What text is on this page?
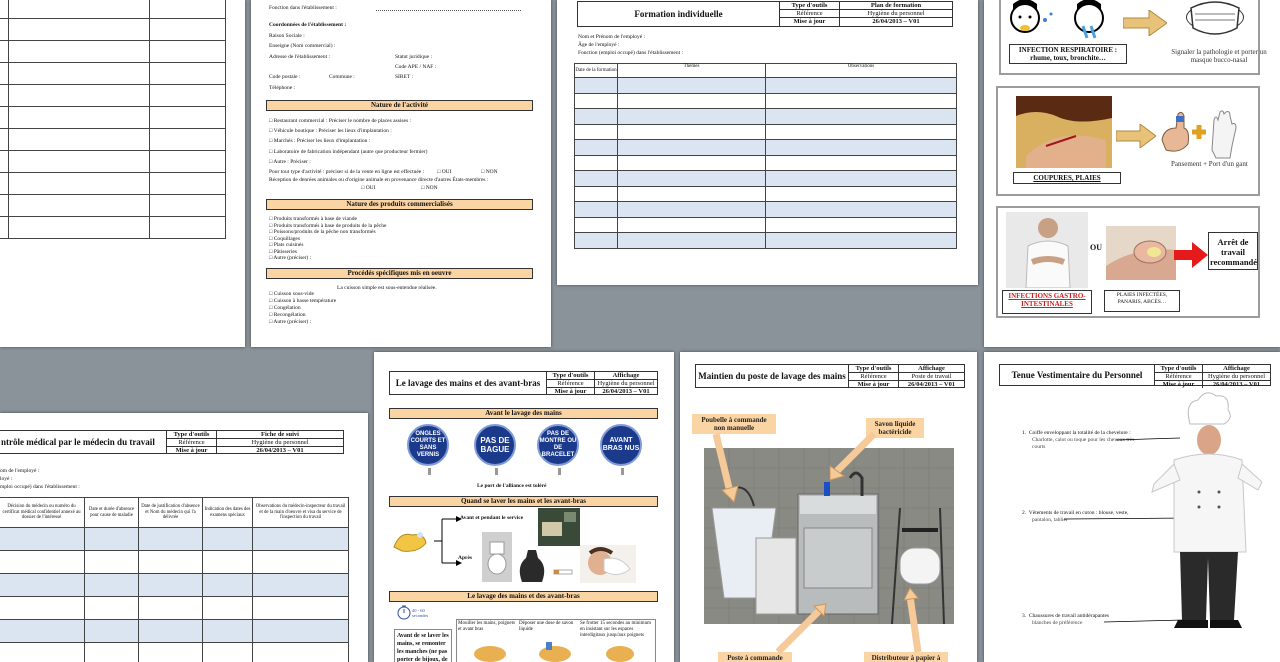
Fonction dans l'établissement :
Coordonnées de l'établissement :
Raison Sociale :
Enseigne (Nom commercial) :
Adresse de l'établissement :	Statut juridique :
Code APE / NAF :
Code postale :	Commune :	SIRET :
Téléphone :
Nature de l'activité
□ Restaurant commercial : Préciser le nombre de places assises :
□ Véhicule boutique : Préciser les lieux d'implantation :
□ Marchés : Préciser les lieux d'implantation :
□ Laboratoire de fabrication indépendant (autre que producteur fermier)
□ Autre : Préciser :
Pour tout type d'activité : préciser si de la vente en ligne est effectuée : □ OUI	□ NON
Réception de denrées animales ou d'origine animale en provenance directe d'autres États-membres :
□ OUI	□ NON
Nature des produits commercialisés
□ Produits transformés à base de viande
□ Produits transformés à base de produits de la pêche
□ Poissons/produits de la pêche non transformés
□ Coquillages
□ Plats cuisinés
□ Pâtisseries
□ Autre (préciser) :
Procédés spécifiques mis en oeuvre
La cuisson simple est sous-entendue réalisée.
□ Cuisson sous-vide
□ Cuisson à basse température
□ Congélation
□ Recongélation
□ Autre (préciser) :
Formation individuelle
Type d'outils	Plan de formation
Référence	Hygiène du personnel
Mise à jour	26/04/2013 – V01
Nom et Prénom de l'employé :
Âge de l'employé :
Fonction (emploi occupé) dans l'établissement :
Date de la formation	Thèmes	Observations

INFECTION RESPIRATOIRE : rhume, toux, bronchite…
Signaler la pathologie et porter un masque bucco-nasal
COUPURES, PLAIES
Pansement + Port d'un gant
OU
Arrêt de travail recommandé
INFECTIONS GASTRO-INTESTINALES
PLAIES INFECTÉES, PANARIS, ABCÈS…
ntrôle médical par le médecin du travail
Type d'outils	Fiche de suivi
Référence	Hygiène du personnel
Mise à jour	26/04/2013 – V01
om de l'employé :
loyé :
mploi occupé) dans l'établissement :
Décision du médecin ou numéro du certificat médical confidentiel annexé au dossier de l'intéressé	Date et durée d'absence pour cause de maladie	Date de justification d'absence et Nom du médecin qui l'a délivrée	Indication des dates des examens spéciaux	Observations du médecin-inspecteur du travail et de la main d'oeuvre et visa du service de l'inspection du travail

Le lavage des mains et des avant-bras
Type d'outils	Affichage
Référence	Hygiène du personnel
Mise à jour	26/04/2013 – V01
Avant le lavage des mains
ONGLES COURTS ET SANS VERNIS
PAS DE BAGUE
PAS DE MONTRE OU DE BRACELET
AVANT BRAS NUS
Le port de l'alliance est toléré
Quand se laver les mains et les avant-bras
Avant et pendant le service
Après
Le lavage des mains et des avant-bras
40 - 60 secondes
Avant de se laver les mains, se remonter les manches (ne pas porter de bijoux, de
Mouiller les mains, poignets et avant bras
Déposer une dose de savon liquide
Se frotter 15 secondes au minimum en insistant sur les espaces interdigitaux jusqu'aux poignets
Maintien du poste de lavage des mains
Type d'outils	Affichage
Référence	Poste de travail
Mise à jour	26/04/2013 – V01
Poubelle à commande non manuelle	Savon liquide bactéricide
Poste à commande	Distributeur à papier à
Tenue Vestimentaire du Personnel
Type d'outils	Affichage
Référence	Hygiène du personnel
Mise à jour	26/04/2013 – V01
1.  Coiffe enveloppant la totalité de la chevelure :
Charlotte, calot ou toque pour les cheveux très
courts
2.  Vêtements de travail en coton : blouse, veste,
pantalon, tablier
3.  Chaussures de travail antidérapantes
blanches de préférence
